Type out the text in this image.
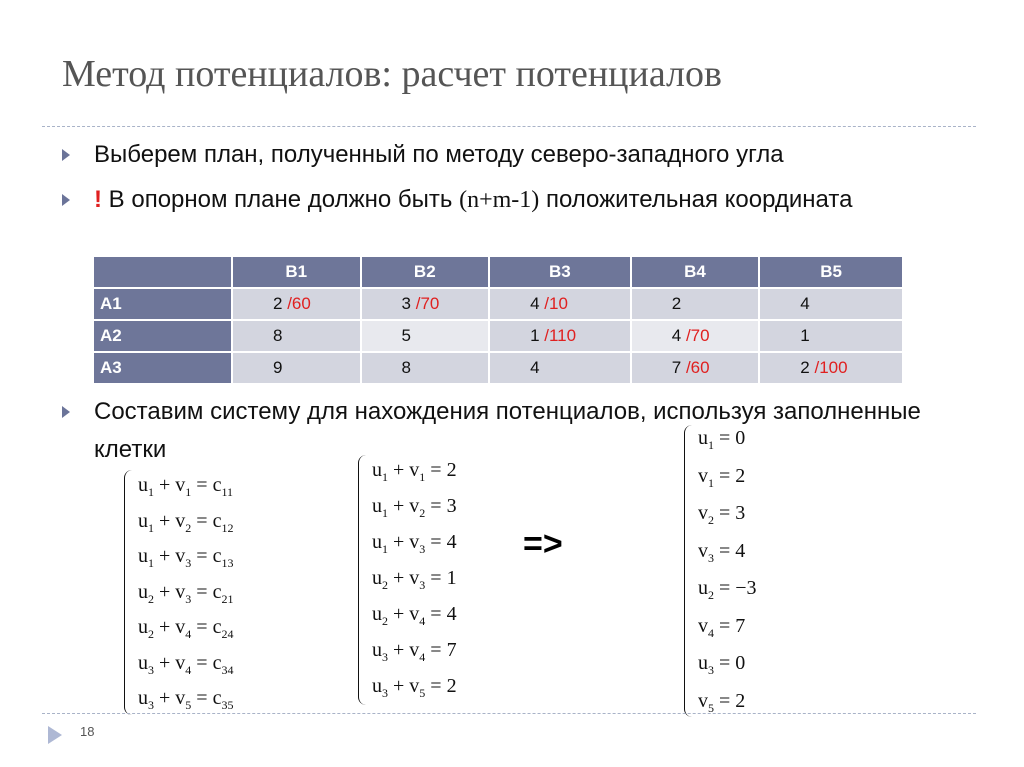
Метод потенциалов: расчет потенциалов
Выберем план, полученный по методу северо-западного угла
! В опорном плане должно быть (n+m-1) положительная координата
	B1	B2	B3	B4	B5
A1	2 /60	3 /70	4 /10	2	4
A2	8	5	1 /110	4 /70	1
A3	9	8	4	7 /60	2 /100
Составим систему для нахождения потенциалов, используя заполненные клетки
$u_1 + v_1 = c_{11}$
$u_1 + v_2 = c_{12}$
$u_1 + v_3 = c_{13}$
$u_2 + v_3 = c_{21}$
$u_2 + v_4 = c_{24}$
$u_3 + v_4 = c_{34}$
$u_3 + v_5 = c_{35}$
$u_1 + v_1 = 2$
$u_1 + v_2 = 3$
$u_1 + v_3 = 4$
$u_2 + v_3 = 1$
$u_2 + v_4 = 4$
$u_3 + v_4 = 7$
$u_3 + v_5 = 2$
=>
$u_1 = 0$
$v_1 = 2$
$v_2 = 3$
$v_3 = 4$
$u_2 = -3$
$v_4 = 7$
$u_3 = 0$
$v_5 = 2$
18
